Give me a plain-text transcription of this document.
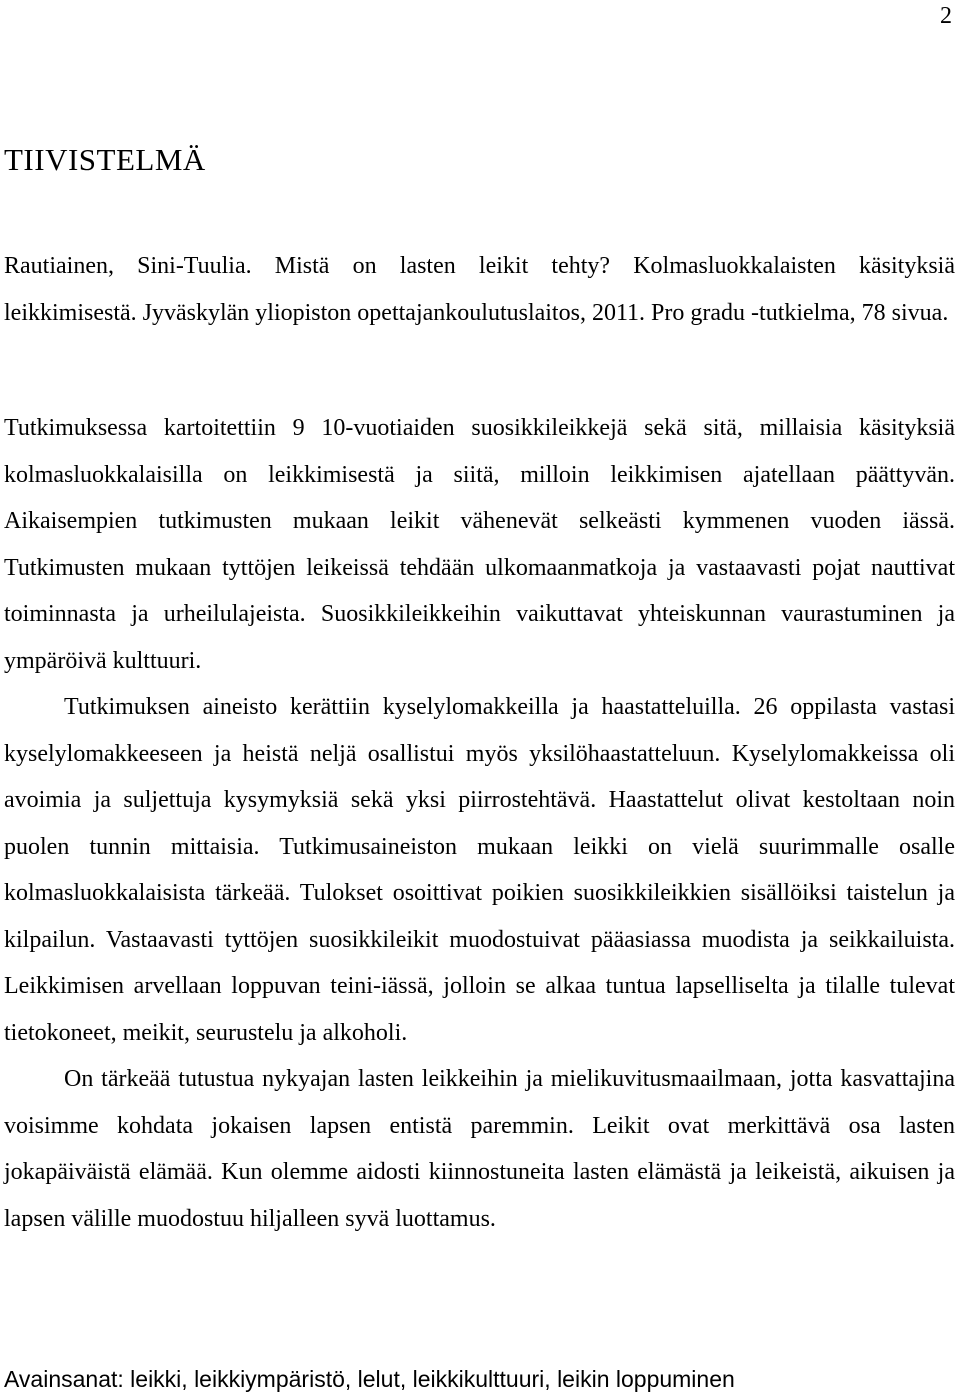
2
TIIVISTELMÄ

Rautiainen, Sini-Tuulia. Mistä on lasten leikit tehty? Kolmasluokkalaisten käsityksiä leikkimisestä. Jyväskylän yliopiston opettajankoulutuslaitos, 2011. Pro gradu -tutkielma, 78 sivua.

Tutkimuksessa kartoitettiin 9 10-vuotiaiden suosikkileikkejä sekä sitä, millaisia käsityksiä kolmasluokkalaisilla on leikkimisestä ja siitä, milloin leikkimisen ajatellaan päättyvän. Aikaisempien tutkimusten mukaan leikit vähenevät selkeästi kymmenen vuoden iässä. Tutkimusten mukaan tyttöjen leikeissä tehdään ulkomaanmatkoja ja vastaavasti pojat nauttivat toiminnasta ja urheilulajeista. Suosikkileikkeihin vaikuttavat yhteiskunnan vaurastuminen ja ympäröivä kulttuuri.

Tutkimuksen aineisto kerättiin kyselylomakkeilla ja haastatteluilla. 26 oppilasta vastasi kyselylomakkeeseen ja heistä neljä osallistui myös yksilöhaastatteluun. Kyselylomakkeissa oli avoimia ja suljettuja kysymyksiä sekä yksi piirrostehtävä. Haastattelut olivat kestoltaan noin puolen tunnin mittaisia. Tutkimusaineiston mukaan leikki on vielä suurimmalle osalle kolmasluokkalaisista tärkeää. Tulokset osoittivat poikien suosikkileikkien sisällöiksi taistelun ja kilpailun. Vastaavasti tyttöjen suosikkileikit muodostuivat pääasiassa muodista ja seikkailuista. Leikkimisen arvellaan loppuvan teini-iässä, jolloin se alkaa tuntua lapselliselta ja tilalle tulevat tietokoneet, meikit, seurustelu ja alkoholi.

On tärkeää tutustua nykyajan lasten leikkeihin ja mielikuvitusmaailmaan, jotta kasvattajina voisimme kohdata jokaisen lapsen entistä paremmin. Leikit ovat merkittävä osa lasten jokapäiväistä elämää. Kun olemme aidosti kiinnostuneita lasten elämästä ja leikeistä, aikuisen ja lapsen välille muodostuu hiljalleen syvä luottamus.

Avainsanat: leikki, leikkiympäristö, lelut, leikkikulttuuri, leikin loppuminen
